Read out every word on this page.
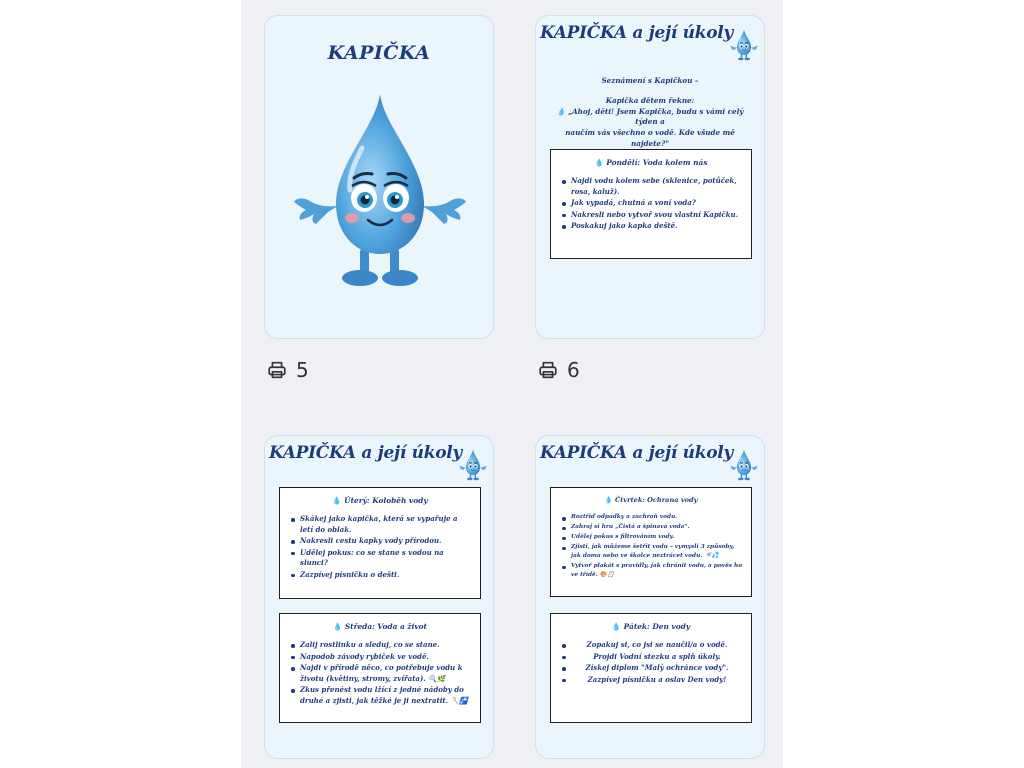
KAPIČKA
KAPIČKA a její úkoly
Seznámení s Kapičkou –
Kapička dětem řekne:
💧 „Ahoj, děti! Jsem Kapička, budu s vámi celý týden a
naučím vás všechno o vodě. Kde všude mě najdete?"
💧 Pondělí: Voda kolem nás
Najdi vodu kolem sebe (sklenice, potůček, rosa, kaluž).
Jak vypadá, chutná a voní voda?
Nakresli nebo vytvoř svou vlastní Kapičku.
Poskakuj jako kapka deště.
KAPIČKA a její úkoly
💧 Úterý: Koloběh vody
Skákej jako kapička, která se vypařuje a letí do oblak.
Nakresli cestu kapky vody přírodou.
Udělej pokus: co se stane s vodou na slunci?
Zazpívej písničku o dešti.
💧 Středa: Voda a život
Zalij rostlinku a sleduj, co se stane.
Napodob závody rybiček ve vodě.
Najdi v přírodě něco, co potřebuje vodu k životu (květiny, stromy, zvířata). 🔍🌿
Zkus přenést vodu lžící z jedné nádoby do druhé a zjisti, jak těžké je ji nextratit. 🥄🚰
KAPIČKA a její úkoly
💧 Čtvrtek: Ochrana vody
Roztřiď odpadky a zachraň vodu.
Zahraj si hru „Čistá a špinavá voda".
Udělej pokus s filtrováním vody.
Zjisti, jak můžeme šetřit vodu – vymysli 3 způsoby, jak doma nebo ve školce neztrácet vodu. 🚿💦
Vytvoř plakát s pravidly, jak chránit vodu, a pověs ho ve třídě. 🎨📋
💧 Pátek: Den vody
Zopakuj si, co jsi se naučil/a o vodě.
Projdi Vodní stezku a splň úkoly.
Získej diplom "Malý ochránce vody".
Zazpívej písničku a oslav Den vody!
5	6
